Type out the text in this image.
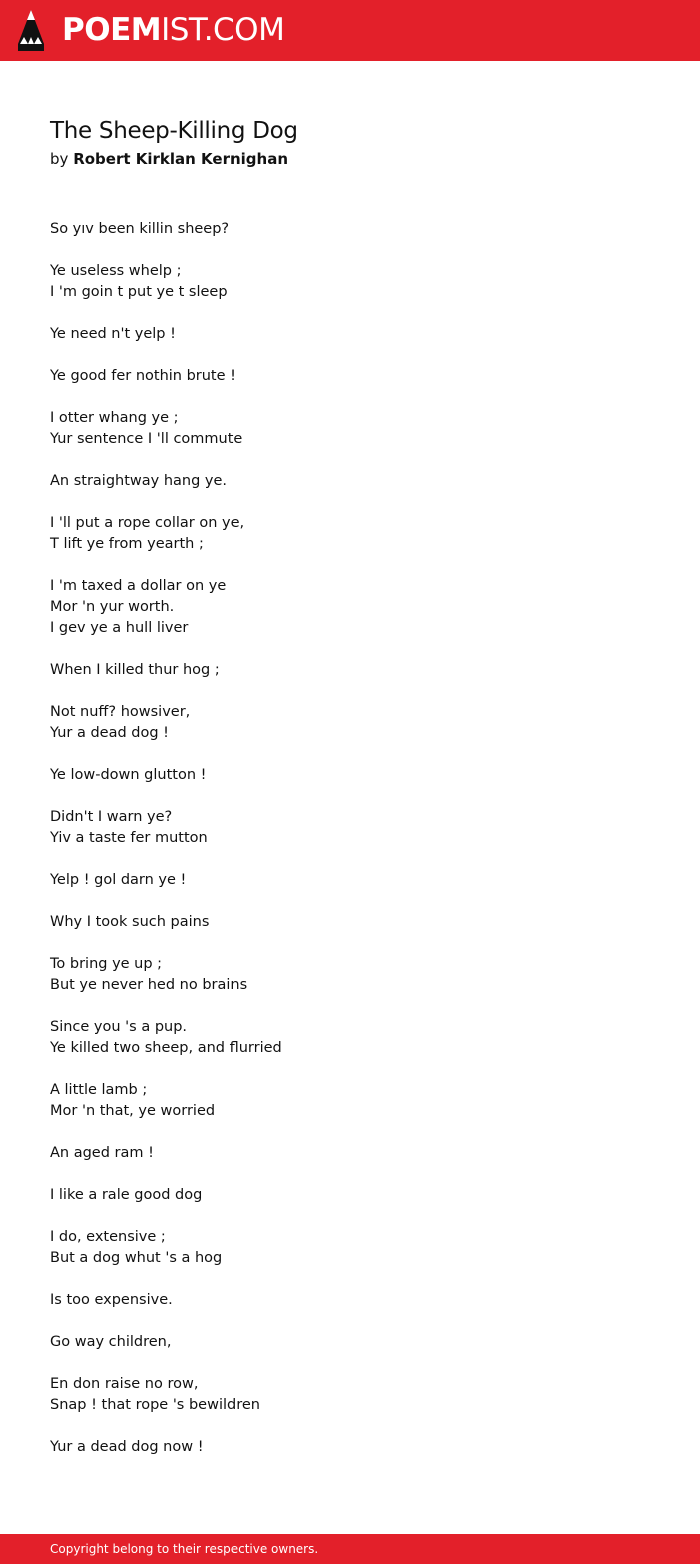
POEMIST.COM
The Sheep-Killing Dog
by Robert Kirklan Kernighan
So yıv been killin sheep?
Ye useless whelp ;
I 'm goin t put ye t sleep
Ye need n't yelp !
Ye good fer nothin brute !
I otter whang ye ;
Yur sentence I 'll commute
An straightway hang ye.
I 'll put a rope collar on ye,
T lift ye from yearth ;
I 'm taxed a dollar on ye
Mor 'n yur worth.
I gev ye a hull liver
When I killed thur hog ;
Not nuff? howsiver,
Yur a dead dog !
Ye low-down glutton !
Didn't I warn ye?
Yiv a taste fer mutton
Yelp ! gol darn ye !
Why I took such pains
To bring ye up ;
But ye never hed no brains
Since you 's a pup.
Ye killed two sheep, and flurried
A little lamb ;
Mor 'n that, ye worried
An aged ram !
I like a rale good dog
I do, extensive ;
But a dog whut 's a hog
Is too expensive.
Go way children,
En don raise no row,
Snap ! that rope 's bewildren
Yur a dead dog now !
Copyright belong to their respective owners.
